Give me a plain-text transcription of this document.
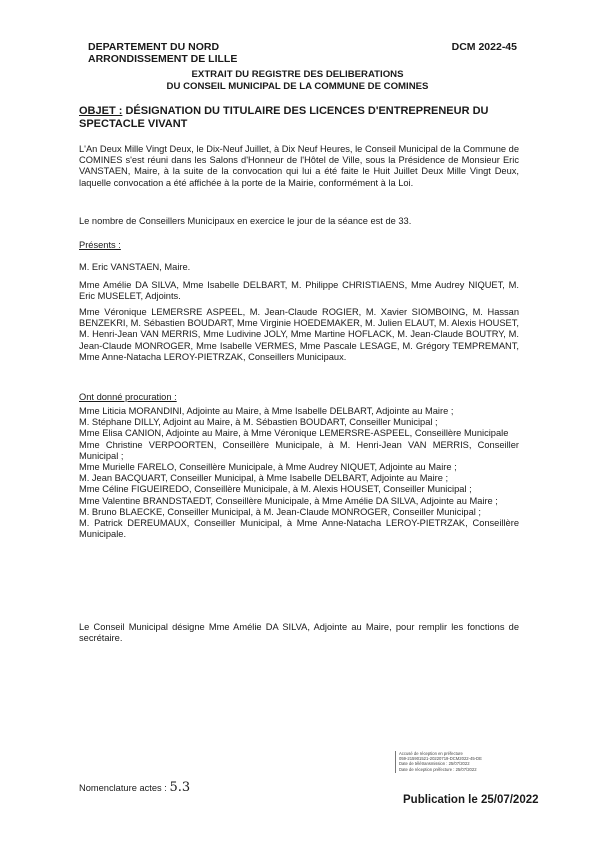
DEPARTEMENT DU NORD
ARRONDISSEMENT DE LILLE
DCM 2022-45
EXTRAIT DU REGISTRE DES DELIBERATIONS
DU CONSEIL MUNICIPAL DE LA COMMUNE DE COMINES
OBJET : DÉSIGNATION DU TITULAIRE DES LICENCES D'ENTREPRENEUR DU SPECTACLE VIVANT
L'An Deux Mille Vingt Deux, le Dix-Neuf Juillet, à Dix Neuf Heures, le Conseil Municipal de la Commune de COMINES s'est réuni dans les Salons d'Honneur de l'Hôtel de Ville, sous la Présidence de Monsieur Eric VANSTAEN, Maire, à la suite de la convocation qui lui a été faite le Huit Juillet Deux Mille Vingt Deux, laquelle convocation a été affichée à la porte de la Mairie, conformément à la Loi.
Le nombre de Conseillers Municipaux en exercice le jour de la séance est de 33.
Présents :
M. Eric VANSTAEN, Maire.
Mme Amélie DA SILVA, Mme Isabelle DELBART, M. Philippe CHRISTIAENS, Mme Audrey NIQUET, M. Eric MUSELET, Adjoints.
Mme Véronique LEMERSRE ASPEEL, M. Jean-Claude ROGIER, M. Xavier SIOMBOING, M. Hassan BENZEKRI, M. Sébastien BOUDART, Mme Virginie HOEDEMAKER, M. Julien ELAUT, M. Alexis HOUSET, M. Henri-Jean VAN MERRIS, Mme Ludivine JOLY, Mme Martine HOFLACK, M. Jean-Claude BOUTRY, M. Jean-Claude MONROGER, Mme Isabelle VERMES, Mme Pascale LESAGE, M. Grégory TEMPREMANT, Mme Anne-Natacha LEROY-PIETRZAK, Conseillers Municipaux.
Ont donné procuration :

Mme Liticia MORANDINI, Adjointe au Maire, à Mme Isabelle DELBART, Adjointe au Maire ;

M. Stéphane DILLY, Adjoint au Maire, à M. Sébastien BOUDART, Conseiller Municipal ;

Mme Elisa CANION, Adjointe au Maire, à Mme Véronique LEMERSRE-ASPEEL, Conseillère Municipale

Mme Christine VERPOORTEN, Conseillère Municipale, à M. Henri-Jean VAN MERRIS, Conseiller Municipal ;

Mme Murielle FARELO, Conseillère Municipale, à Mme Audrey NIQUET, Adjointe au Maire ;

M. Jean BACQUART, Conseiller Municipal, à Mme Isabelle DELBART, Adjointe au Maire ;

Mme Céline FIGUEIREDO, Conseillère Municipale, à M. Alexis HOUSET, Conseiller Municipal ;

Mme Valentine BRANDSTAEDT, Conseillère Municipale, à Mme Amélie DA SILVA, Adjointe au Maire ;

M. Bruno BLAECKE, Conseiller Municipal, à M. Jean-Claude MONROGER, Conseiller Municipal ;

M. Patrick DEREUMAUX, Conseiller Municipal, à Mme Anne-Natacha LEROY-PIETRZAK, Conseillère Municipale.

Le Conseil Municipal désigne Mme Amélie DA SILVA, Adjointe au Maire, pour remplir les fonctions de secrétaire.
Accusé de réception en préfecture
059-215901521-20220719-DCM2022-45-DE
Date de télétransmission : 25/07/2022
Date de réception préfecture : 25/07/2022
Nomenclature actes : 5.3
Publication le 25/07/2022
